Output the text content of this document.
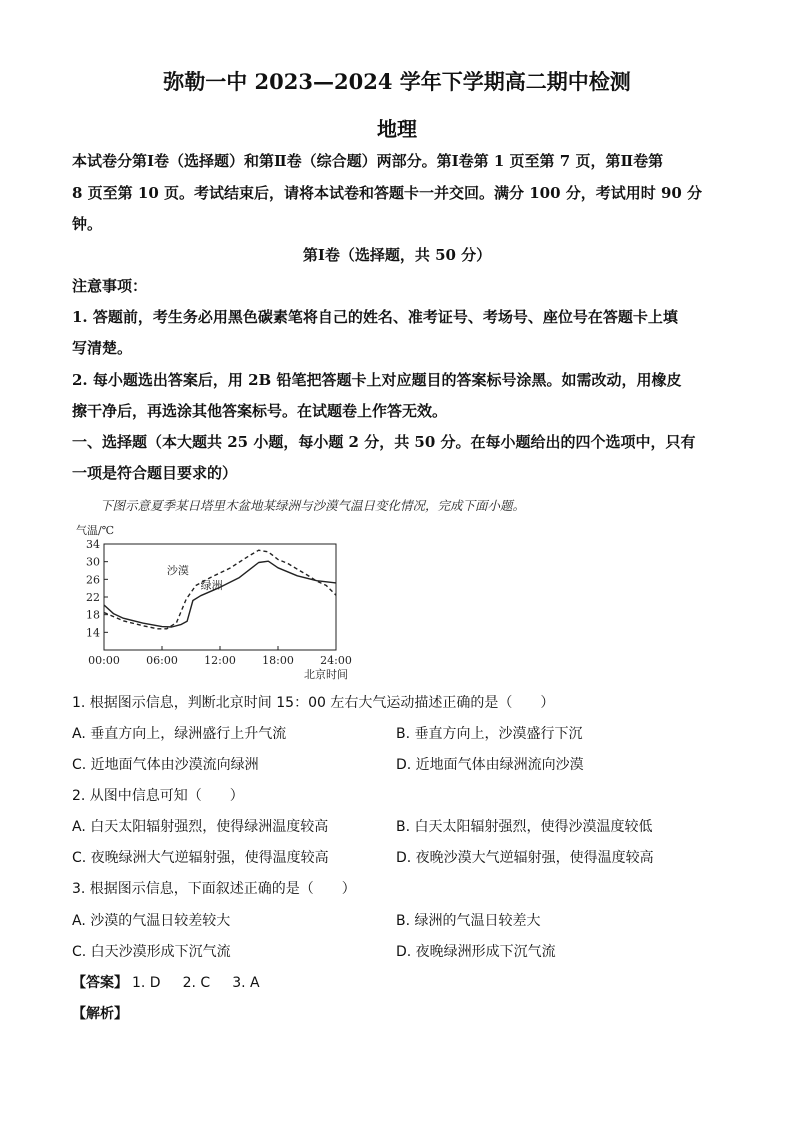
弥勒一中 2023—2024 学年下学期高二期中检测
地理
本试卷分第Ⅰ卷（选择题）和第Ⅱ卷（综合题）两部分。第Ⅰ卷第 1 页至第 7 页，第Ⅱ卷第
8 页至第 10 页。考试结束后，请将本试卷和答题卡一并交回。满分 100 分，考试用时 90 分
钟。
第Ⅰ卷（选择题，共 50 分）
注意事项：
1. 答题前，考生务必用黑色碳素笔将自己的姓名、准考证号、考场号、座位号在答题卡上填
写清楚。
2. 每小题选出答案后，用 2B 铅笔把答题卡上对应题目的答案标号涂黑。如需改动，用橡皮
擦干净后，再选涂其他答案标号。在试题卷上作答无效。
一、选择题（本大题共 25 小题，每小题 2 分，共 50 分。在每小题给出的四个选项中，只有
一项是符合题目要求的）
下图示意夏季某日塔里木盆地某绿洲与沙漠气温日变化情况，完成下面小题。
14
18
22
26
30
34
00:00 06:00 12:00 18:00 24:00
气温/℃
北京时间
沙漠
绿洲
1. 根据图示信息，判断北京时间 15：00 左右大气运动描述正确的是（　　）
A. 垂直方向上，绿洲盛行上升气流	B. 垂直方向上，沙漠盛行下沉
C. 近地面气体由沙漠流向绿洲	D. 近地面气体由绿洲流向沙漠
2. 从图中信息可知（　　）
A. 白天太阳辐射强烈，使得绿洲温度较高	B. 白天太阳辐射强烈，使得沙漠温度较低
C. 夜晚绿洲大气逆辐射强，使得温度较高	D. 夜晚沙漠大气逆辐射强，使得温度较高
3. 根据图示信息，下面叙述正确的是（　　）
A. 沙漠的气温日较差较大	B. 绿洲的气温日较差大
C. 白天沙漠形成下沉气流	D. 夜晚绿洲形成下沉气流
【答案】 1. D 2. C 3. A
【解析】
